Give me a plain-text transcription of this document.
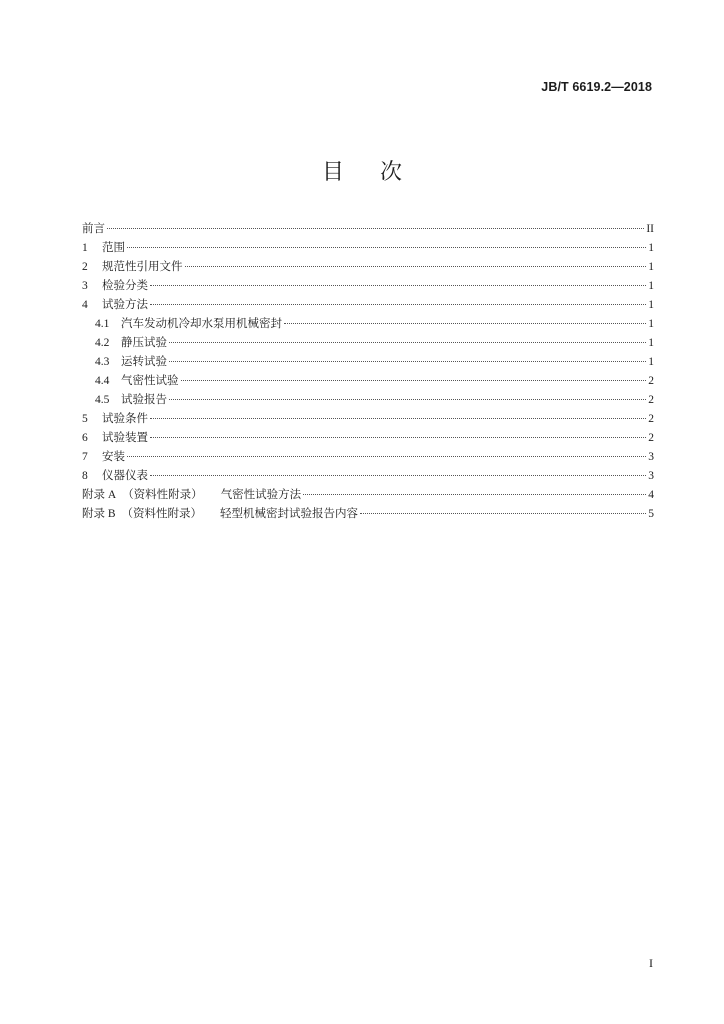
JB/T 6619.2—2018
目 次
前言	II
1	范围	1
2	规范性引用文件	1
3	检验分类	1
4	试验方法	1
4.1	汽车发动机冷却水泵用机械密封	1
4.2	静压试验	1
4.3	运转试验	1
4.4	气密性试验	2
4.5	试验报告	2
5	试验条件	2
6	试验装置	2
7	安装	3
8	仪器仪表	3
附录 A （资料性附录） 气密性试验方法	4
附录 B （资料性附录） 轻型机械密封试验报告内容	5
I
